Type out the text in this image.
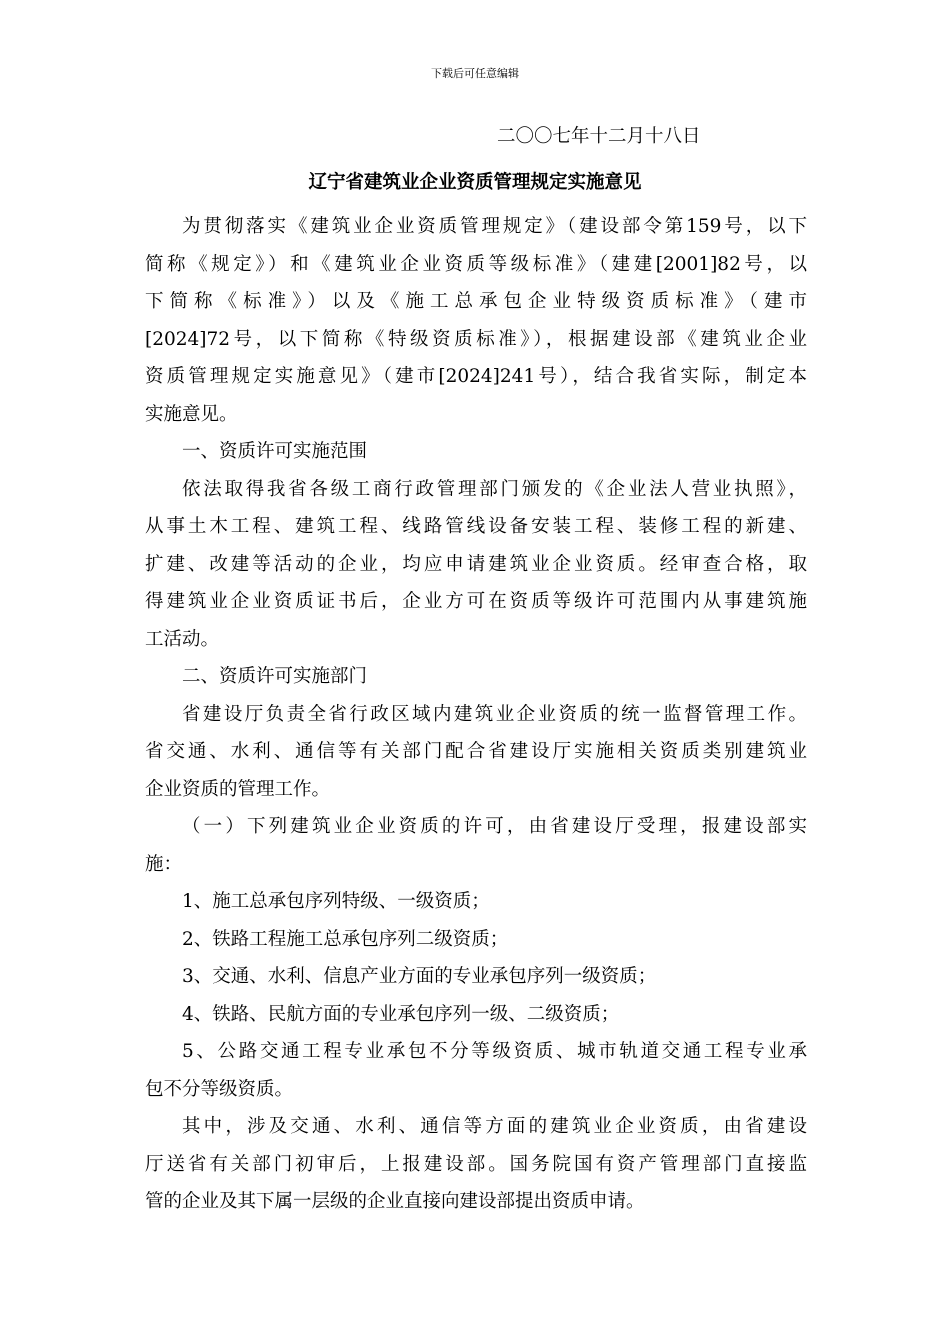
下载后可任意编辑
二〇〇七年十二月十八日
辽宁省建筑业企业资质管理规定实施意见
为贯彻落实《建筑业企业资质管理规定》（建设部令第159号，以下
简称《规定》）和《建筑业企业资质等级标准》（建建[2001]82号，以
下简称《标准》）以及《施工总承包企业特级资质标准》（建市
[2024]72号，以下简称《特级资质标准》），根据建设部《建筑业企业
资质管理规定实施意见》（建市[2024]241号），结合我省实际，制定本
实施意见。
一、资质许可实施范围
依法取得我省各级工商行政管理部门颁发的《企业法人营业执照》，
从事土木工程、建筑工程、线路管线设备安装工程、装修工程的新建、
扩建、改建等活动的企业，均应申请建筑业企业资质。经审查合格，取
得建筑业企业资质证书后，企业方可在资质等级许可范围内从事建筑施
工活动。
二、资质许可实施部门
省建设厅负责全省行政区域内建筑业企业资质的统一监督管理工作。
省交通、水利、通信等有关部门配合省建设厅实施相关资质类别建筑业
企业资质的管理工作。
（一）下列建筑业企业资质的许可，由省建设厅受理，报建设部实
施：
1、施工总承包序列特级、一级资质；
2、铁路工程施工总承包序列二级资质；
3、交通、水利、信息产业方面的专业承包序列一级资质；
4、铁路、民航方面的专业承包序列一级、二级资质；
5、公路交通工程专业承包不分等级资质、城市轨道交通工程专业承
包不分等级资质。
其中，涉及交通、水利、通信等方面的建筑业企业资质，由省建设
厅送省有关部门初审后，上报建设部。国务院国有资产管理部门直接监
管的企业及其下属一层级的企业直接向建设部提出资质申请。
